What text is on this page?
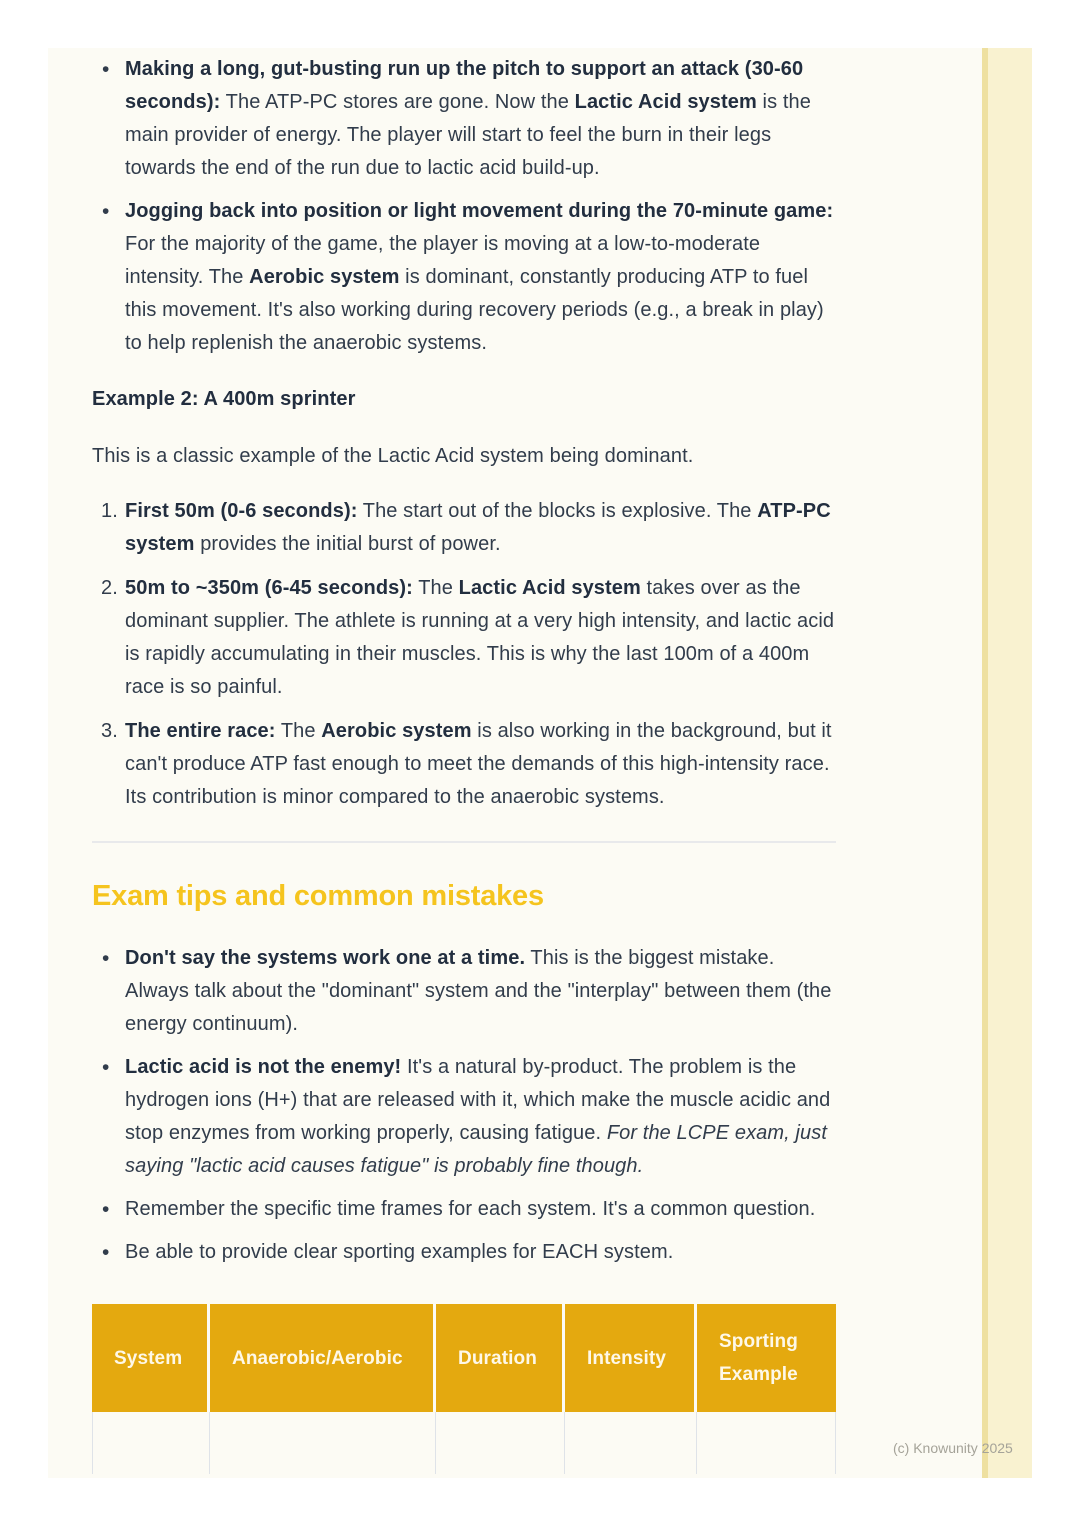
• Making a long, gut-busting run up the pitch to support an attack (30-60 seconds): The ATP-PC stores are gone. Now the Lactic Acid system is the main provider of energy. The player will start to feel the burn in their legs towards the end of the run due to lactic acid build-up.
• Jogging back into position or light movement during the 70-minute game: For the majority of the game, the player is moving at a low-to-moderate intensity. The Aerobic system is dominant, constantly producing ATP to fuel this movement. It's also working during recovery periods (e.g., a break in play) to help replenish the anaerobic systems.
Example 2: A 400m sprinter

This is a classic example of the Lactic Acid system being dominant.

First 50m (0-6 seconds): The start out of the blocks is explosive. The ATP-PC system provides the initial burst of power.
50m to ~350m (6-45 seconds): The Lactic Acid system takes over as the dominant supplier. The athlete is running at a very high intensity, and lactic acid is rapidly accumulating in their muscles. This is why the last 100m of a 400m race is so painful.
The entire race: The Aerobic system is also working in the background, but it can't produce ATP fast enough to meet the demands of this high-intensity race. Its contribution is minor compared to the anaerobic systems.
Exam tips and common mistakes
• Don't say the systems work one at a time. This is the biggest mistake. Always talk about the "dominant" system and the "interplay" between them (the energy continuum).
• Lactic acid is not the enemy! It's a natural by-product. The problem is the hydrogen ions (H+) that are released with it, which make the muscle acidic and stop enzymes from working properly, causing fatigue. For the LCPE exam, just saying "lactic acid causes fatigue" is probably fine though.
• Remember the specific time frames for each system. It's a common question.
• Be able to provide clear sporting examples for EACH system.
System	Anaerobic/Aerobic	Duration	Intensity	Sporting Example

(c) Knowunity 2025
